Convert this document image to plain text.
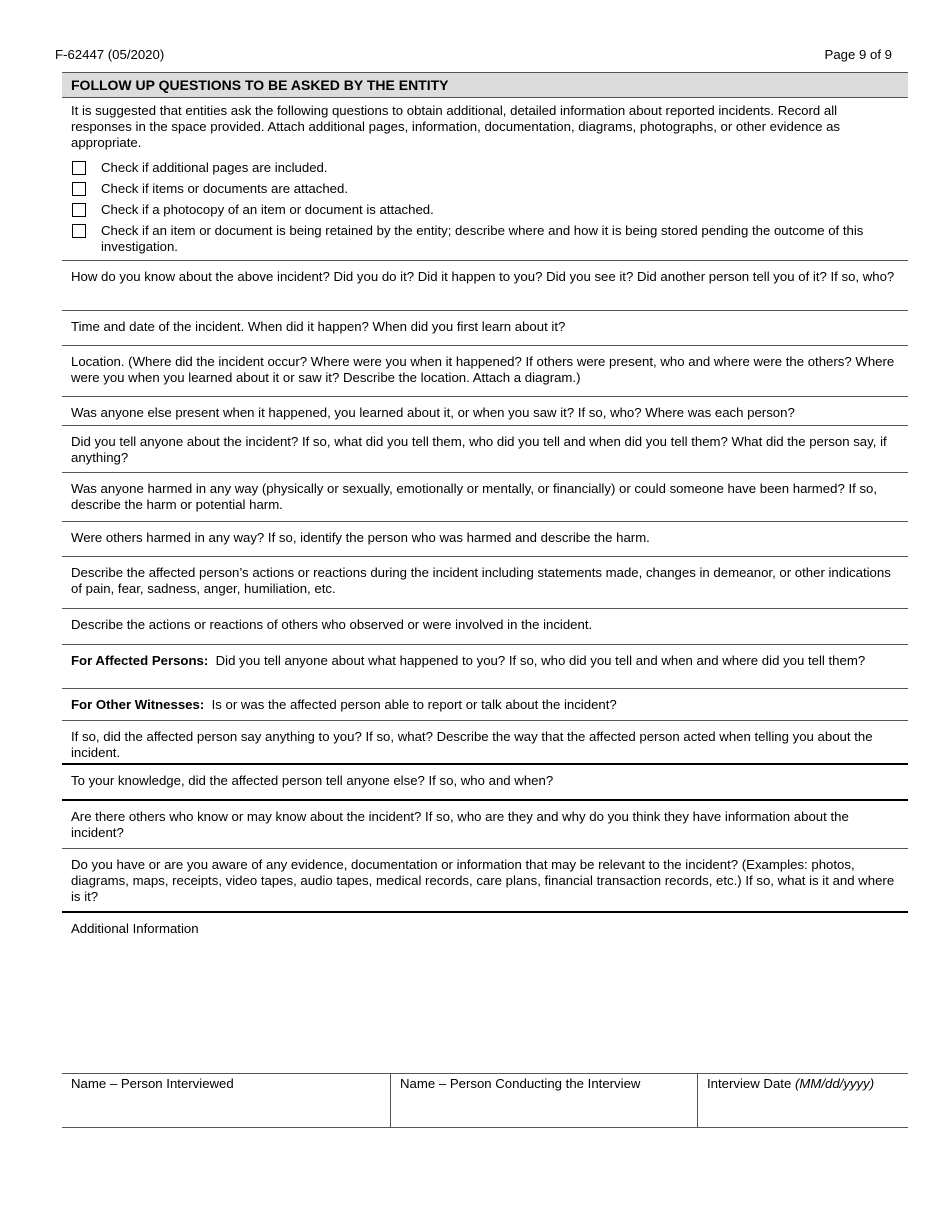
F-62447 (05/2020)	Page 9 of 9
FOLLOW UP QUESTIONS TO BE ASKED BY THE ENTITY
It is suggested that entities ask the following questions to obtain additional, detailed information about reported incidents. Record all responses in the space provided. Attach additional pages, information, documentation, diagrams, photographs, or other evidence as appropriate.
Check if additional pages are included.
Check if items or documents are attached.
Check if a photocopy of an item or document is attached.
Check if an item or document is being retained by the entity; describe where and how it is being stored pending the outcome of this investigation.
How do you know about the above incident? Did you do it? Did it happen to you? Did you see it? Did another person tell you of it? If so, who?
Time and date of the incident. When did it happen? When did you first learn about it?
Location. (Where did the incident occur? Where were you when it happened? If others were present, who and where were the others? Where were you when you learned about it or saw it? Describe the location. Attach a diagram.)
Was anyone else present when it happened, you learned about it, or when you saw it? If so, who? Where was each person?
Did you tell anyone about the incident? If so, what did you tell them, who did you tell and when did you tell them? What did the person say, if anything?
Was anyone harmed in any way (physically or sexually, emotionally or mentally, or financially) or could someone have been harmed? If so, describe the harm or potential harm.
Were others harmed in any way? If so, identify the person who was harmed and describe the harm.
Describe the affected person’s actions or reactions during the incident including statements made, changes in demeanor, or other indications of pain, fear, sadness, anger, humiliation, etc.
Describe the actions or reactions of others who observed or were involved in the incident.
For Affected Persons: Did you tell anyone about what happened to you? If so, who did you tell and when and where did you tell them?
For Other Witnesses: Is or was the affected person able to report or talk about the incident?
If so, did the affected person say anything to you? If so, what? Describe the way that the affected person acted when telling you about the incident.
To your knowledge, did the affected person tell anyone else? If so, who and when?
Are there others who know or may know about the incident? If so, who are they and why do you think they have information about the incident?
Do you have or are you aware of any evidence, documentation or information that may be relevant to the incident? (Examples: photos, diagrams, maps, receipts, video tapes, audio tapes, medical records, care plans, financial transaction records, etc.) If so, what is it and where is it?
Additional Information
Name – Person Interviewed	Name – Person Conducting the Interview	Interview Date (MM/dd/yyyy)
